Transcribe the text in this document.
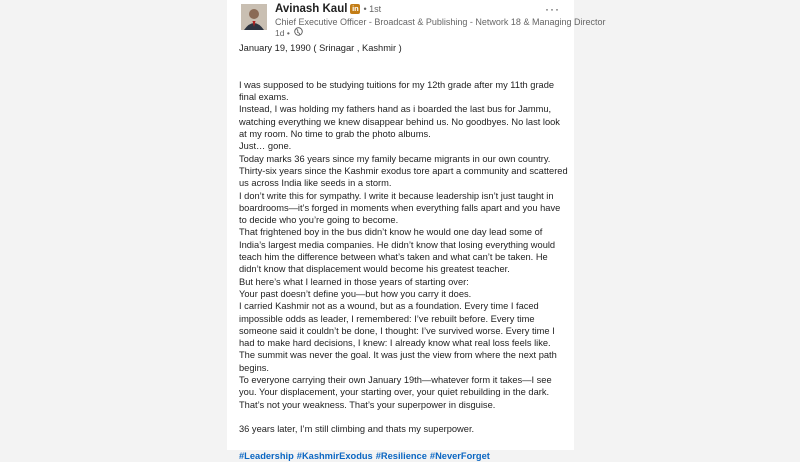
Avinash Kaul in • 1st
Chief Executive Officer - Broadcast & Publishing - Network 18 & Managing Director
1d •
···

January 19, 1990 ( Srinagar , Kashmir )

I was supposed to be studying tuitions for my 12th grade after my 11th grade final exams.

Instead, I was holding my fathers hand as i boarded the last bus for Jammu, watching everything we knew disappear behind us. No goodbyes. No last look at my room. No time to grab the photo albums.

Just… gone.

Today marks 36 years since my family became migrants in our own country.

Thirty-six years since the Kashmir exodus tore apart a community and scattered us across India like seeds in a storm.

I don’t write this for sympathy. I write it because leadership isn’t just taught in boardrooms—it’s forged in moments when everything falls apart and you have to decide who you’re going to become.

That frightened boy in the bus didn’t know he would one day lead some of India’s largest media companies. He didn’t know that losing everything would teach him the difference between what’s taken and what can’t be taken. He didn’t know that displacement would become his greatest teacher.

But here’s what I learned in those years of starting over:

Your past doesn’t define you—but how you carry it does.

I carried Kashmir not as a wound, but as a foundation. Every time I faced impossible odds as leader, I remembered: I’ve rebuilt before. Every time someone said it couldn’t be done, I thought: I’ve survived worse. Every time I had to make hard decisions, I knew: I already know what real loss feels like.

The summit was never the goal. It was just the view from where the next path begins.

To everyone carrying their own January 19th—whatever form it takes—I see you. Your displacement, your starting over, your quiet rebuilding in the dark. That’s not your weakness. That’s your superpower in disguise.

36 years later, I’m still climbing and thats my superpower.

#Leadership #KashmirExodus #Resilience #NeverForget
